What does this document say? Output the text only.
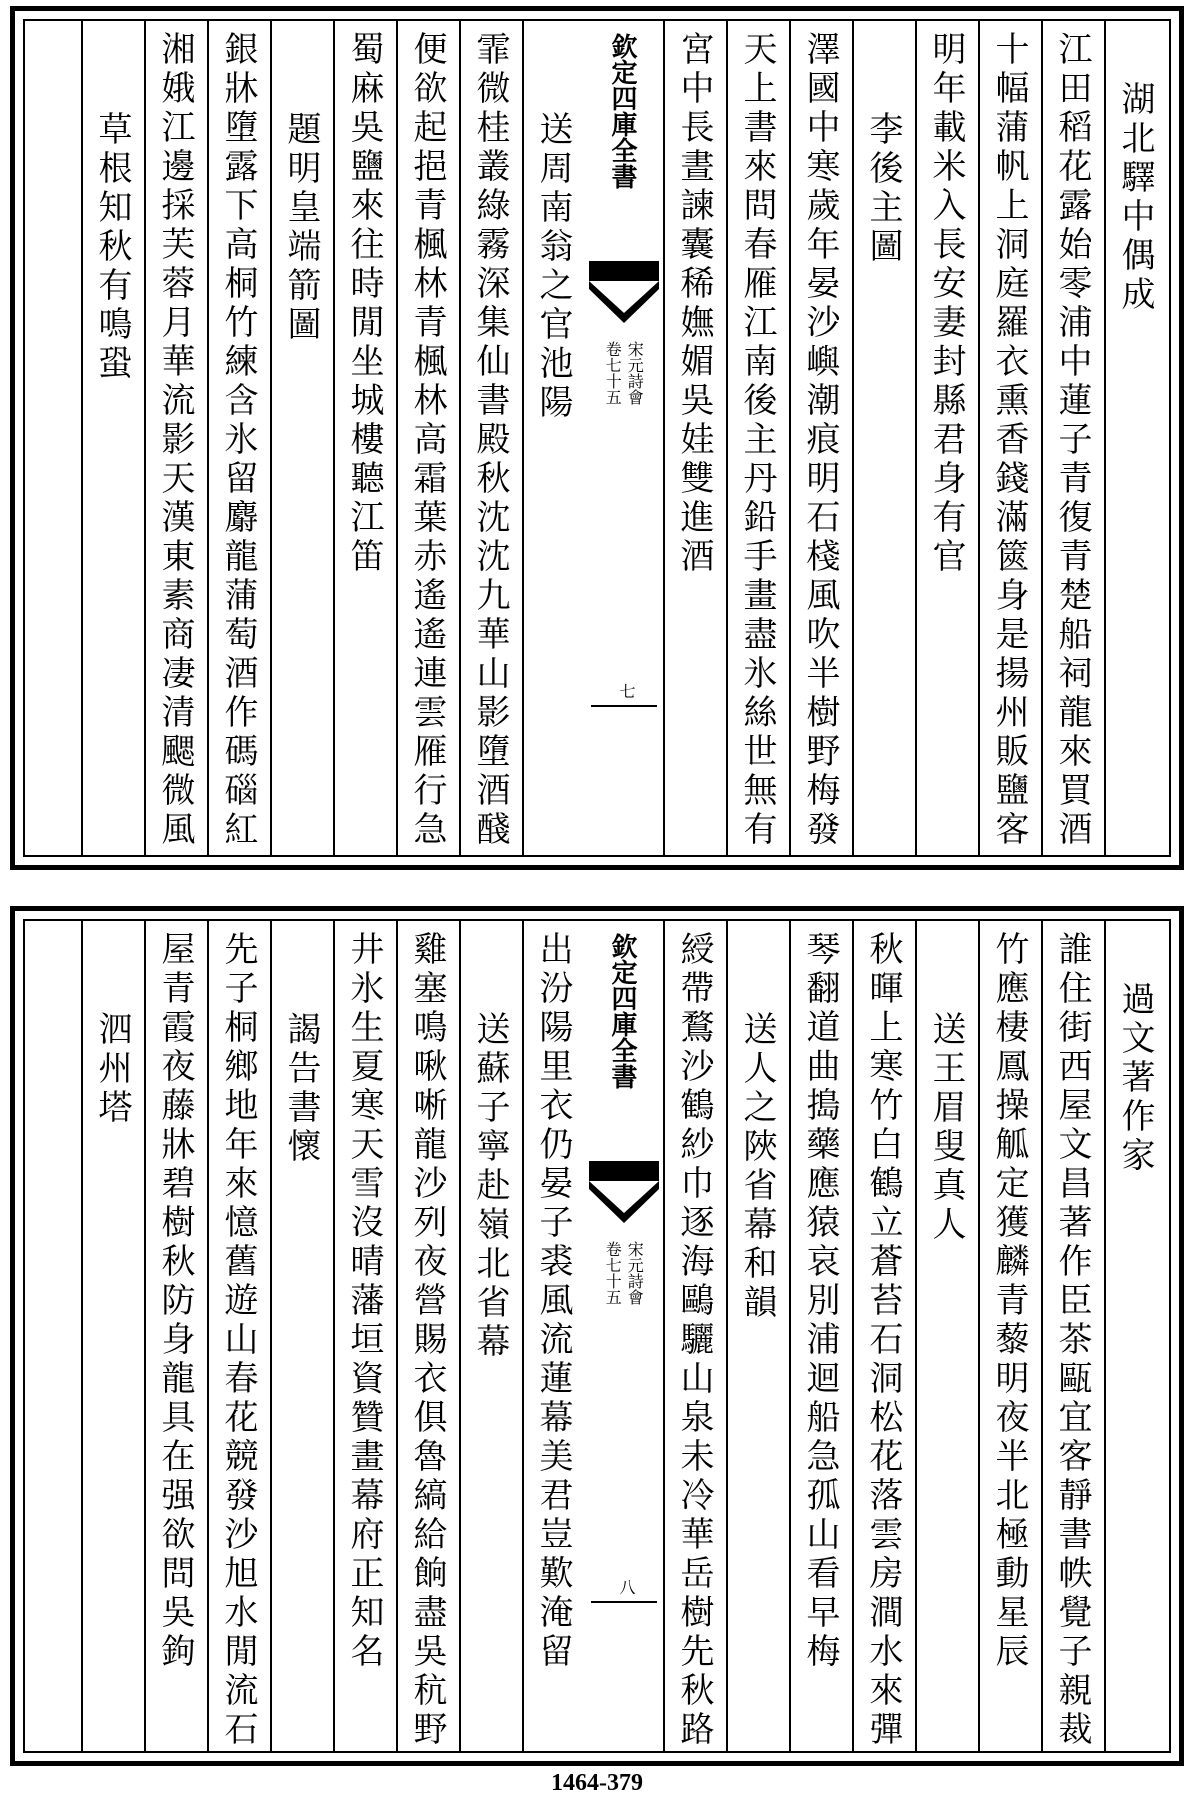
湖北驛中偶成
江田稻花露始零浦中蓮子青復青楚船祠龍來買酒
十幅蒲帆上洞庭羅衣熏香錢滿篋身是揚州販鹽客
明年載米入長安妻封縣君身有官
李後主圖
澤國中寒歲年晏沙嶼潮痕明石棧風吹半樹野梅發
天上書來問春雁江南後主丹鉛手畫盡氷絲世無有
宮中長晝諫囊稀嫵媚吳娃雙進酒
送周南翁之官池陽
霏微桂叢綠霧深集仙書殿秋沈沈九華山影墮酒醆
便欲起挹青楓林青楓林高霜葉赤遙遙連雲雁行急
蜀麻吳鹽來往時閒坐城樓聽江笛
題明皇端箭圖
銀牀墮露下高桐竹練含氷留麝龍蒲萄酒作碼碯紅
湘娥江邊採芙蓉月華流影天漢東素商凄清颸微風
草根知秋有鳴蛩	欽定四庫全書
宋元詩會
卷七十五
七
過文著作家
誰住街西屋文昌著作臣茶甌宜客靜書帙覺子親裁
竹應棲鳳操觚定獲麟青藜明夜半北極動星辰
送王眉叟真人
秋暉上寒竹白鶴立蒼苔石洞松花落雲房澗水來彈
琴翻道曲搗藥應猿哀別浦迴船急孤山看早梅
送人之陜省幕和韻
綬帶鶩沙鶴紗巾逐海鷗驪山泉未冷華岳樹先秋路
出汾陽里衣仍晏子裘風流蓮幕美君豈歎淹留
送蘇子寧赴嶺北省幕
雞塞鳴啾唽龍沙列夜營賜衣俱魯縞給餉盡吳秔野
井氷生夏寒天雪沒晴藩垣資贊畫幕府正知名
謁告書懷
先子桐鄉地年來憶舊遊山春花競發沙旭水閒流石
屋青霞夜藤牀碧樹秋防身龍具在强欲問吳鉤
泗州塔	欽定四庫全書
宋元詩會
卷七十五
八
1464-379
